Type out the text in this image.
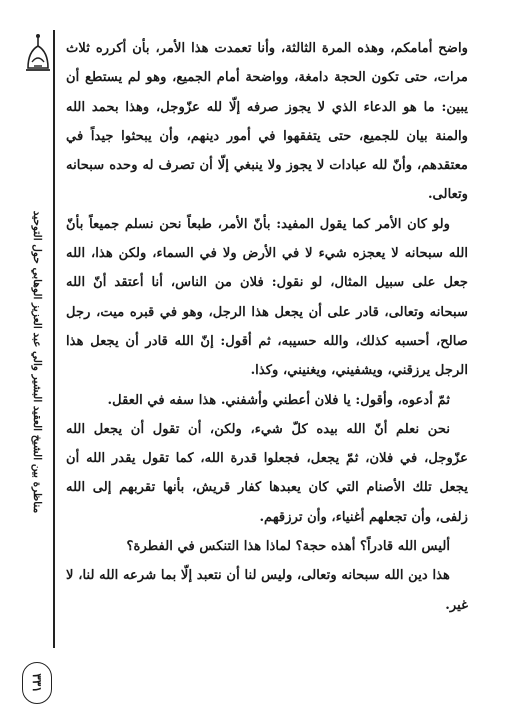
واضح أمامكم، وهذه المرة الثالثة، وأنا تعمدت هذا الأمر، بأن أكرره ثلاث مرات، حتى تكون الحجة دامغة، وواضحة أمام الجميع، وهو لم يستطع أن يبين: ما هو الدعاء الذي لا يجوز صرفه إلّا لله عزّوجل، وهذا بحمد الله والمنة بيان للجميع، حتى يتفقهوا في أمور دينهم، وأن يبحثوا جيداً في معتقدهم، وأنّ لله عبادات لا يجوز ولا ينبغي إلّا أن تصرف له وحده سبحانه وتعالى.

ولو كان الأمر كما يقول المفيد: بأنّ الأمر، طبعاً نحن نسلم جميعاً بأنّ الله سبحانه لا يعجزه شيء لا في الأرض ولا في السماء، ولكن هذا، الله جعل على سبيل المثال، لو نقول: فلان من الناس، أنا أعتقد أنّ الله سبحانه وتعالى، قادر على أن يجعل هذا الرجل، وهو في قبره ميت، رجل صالح، أحسبه كذلك، والله حسيبه، ثم أقول: إنّ الله قادر أن يجعل هذا الرجل يرزقني، ويشفيني، ويغنيني، وكذا.

ثمّ أدعوه، وأقول: يا فلان أعطني وأشفني. هذا سفه في العقل.

نحن نعلم أنّ الله بيده كلّ شيء، ولكن، أن تقول أن يجعل الله عزّوجل، في فلان، ثمّ يجعل، فجعلوا قدرة الله، كما تقول يقدر الله أن يجعل تلك الأصنام التي كان يعبدها كفار قريش، بأنها تقربهم إلى الله زلفى، وأن تجعلهم أغنياء، وأن ترزقهم.

أليس الله قادراً؟ أهذه حجة؟ لماذا هذا التنكس في الفطرة؟

هذا دين الله سبحانه وتعالى، وليس لنا أن نتعبد إلّا بما شرعه الله لنا، لا غير.

مناظرة بين الشيخ العقيد البشير والي عبد العزيز الوهابي حول التوحيد
٣٣١
